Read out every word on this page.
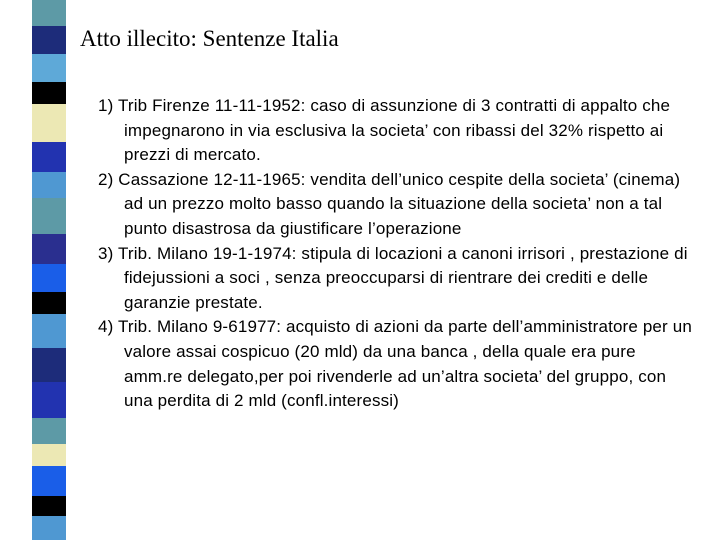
Atto illecito: Sentenze Italia
1) Trib Firenze 11-11-1952: caso di assunzione di 3 contratti di appalto che impegnarono in via esclusiva la societa’ con ribassi del 32% rispetto ai prezzi di mercato.
2) Cassazione 12-11-1965: vendita dell’unico cespite della societa’ (cinema) ad un prezzo molto basso quando la situazione della societa’ non a tal punto disastrosa da giustificare l’operazione
3) Trib. Milano 19-1-1974: stipula di locazioni a canoni irrisori , prestazione di fidejussioni a soci , senza preoccuparsi di rientrare dei crediti e delle garanzie prestate.
4) Trib. Milano 9-61977: acquisto di azioni da parte dell’amministratore per un valore assai cospicuo (20 mld) da una banca , della quale era pure amm.re delegato,per poi rivenderle ad un’altra societa’ del gruppo, con una perdita di 2 mld (confl.interessi)
